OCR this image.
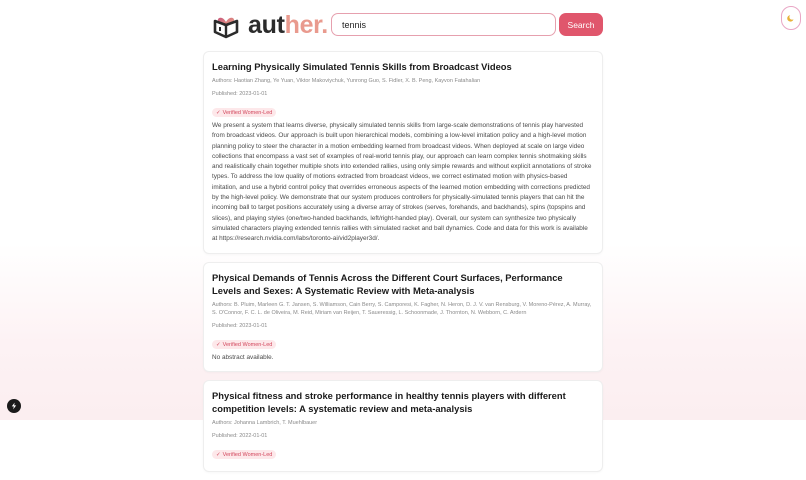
auther.
tennis	Search
Learning Physically Simulated Tennis Skills from Broadcast Videos
Authors: Haotian Zhang, Ye Yuan, Viktor Makoviychuk, Yunrong Guo, S. Fidler, X. B. Peng, Kayvon Fatahalian
Published: 2023-01-01
✓ Verified Women-Led

We present a system that learns diverse, physically simulated tennis skills from large-scale demonstrations of tennis play harvested from broadcast videos. Our approach is built upon hierarchical models, combining a low-level imitation policy and a high-level motion planning policy to steer the character in a motion embedding learned from broadcast videos. When deployed at scale on large video collections that encompass a vast set of examples of real-world tennis play, our approach can learn complex tennis shotmaking skills and realistically chain together multiple shots into extended rallies, using only simple rewards and without explicit annotations of stroke types. To address the low quality of motions extracted from broadcast videos, we correct estimated motion with physics-based imitation, and use a hybrid control policy that overrides erroneous aspects of the learned motion embedding with corrections predicted by the high-level policy. We demonstrate that our system produces controllers for physically-simulated tennis players that can hit the incoming ball to target positions accurately using a diverse array of strokes (serves, forehands, and backhands), spins (topspins and slices), and playing styles (one/two-handed backhands, left/right-handed play). Overall, our system can synthesize two physically simulated characters playing extended tennis rallies with simulated racket and ball dynamics. Code and data for this work is available at https://research.nvidia.com/labs/toronto-ai/vid2player3d/.

Physical Demands of Tennis Across the Different Court Surfaces, Performance Levels and Sexes: A Systematic Review with Meta-analysis
Authors: B. Pluim, Marleen G. T. Jansen, S. Williamson, Cain Berry, S. Camporesi, K. Fagher, N. Heron, D. J. V. van Rensburg, V. Moreno-Pérez, A. Murray, S. O'Connor, F. C. L. de Oliveira, M. Reid, Miriam van Reijen, T. Saueressig, L. Schoonmade, J. Thornton, N. Webborn, C. Ardern
Published: 2023-01-01
✓ Verified Women-Led

No abstract available.

Physical fitness and stroke performance in healthy tennis players with different competition levels: A systematic review and meta-analysis
Authors: Johanna Lambrich, T. Muehlbauer
Published: 2022-01-01
✓ Verified Women-Led
